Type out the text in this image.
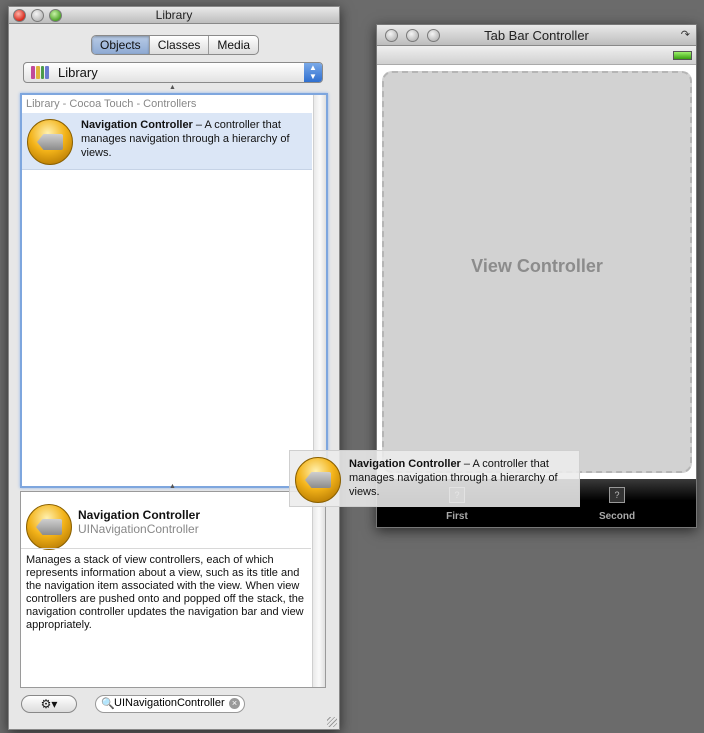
Library
Objects	Classes	Media
Library	▲
▼
▲
Library - Cocoa Touch - Controllers
Navigation Controller – A controller that manages navigation through a hierarchy of views.
▲
Navigation Controller
UINavigationController
Manages a stack of view controllers, each of which represents information about a view, such as its title and the navigation item associated with the view. When view controllers are pushed onto and popped off the stack, the navigation controller updates the navigation bar and view appropriately.
⚙▾	🔍
UINavigationController	×
Tab Bar Controller	↷
View Controller
First
?
Second
Navigation Controller – A controller that manages navigation through a hierarchy of views.
